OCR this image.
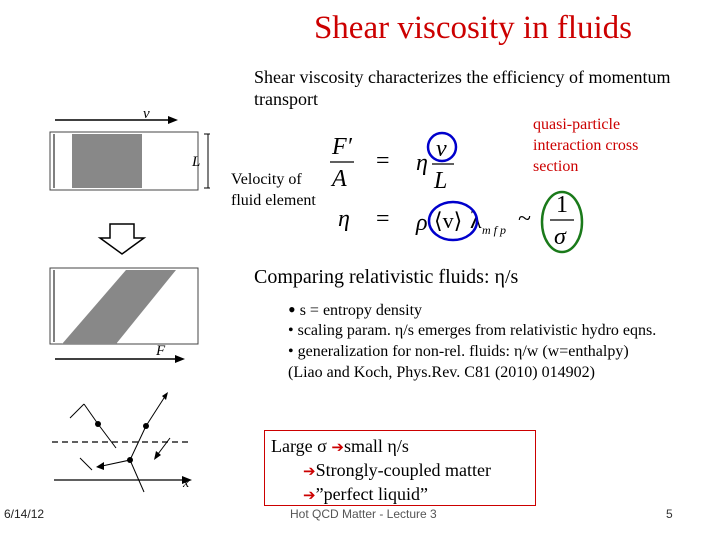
Shear viscosity in fluids
Shear viscosity characterizes the efficiency of momentum transport
v
L
F
x
Velocity of fluid element
quasi-particle interaction cross section
F′
A
= η
v
L
η = ρ ⟨v⟩ λ m f p ~
1
σ
Comparing relativistic fluids: η/s
• s = entropy density
• scaling param. η/s emerges from relativistic hydro eqns.
• generalization for non-rel. fluids: η/w (w=enthalpy)
(Liao and Koch, Phys.Rev. C81 (2010) 014902)
Large σ ➔small η/s
➔Strongly-coupled matter
➔”perfect liquid”
6/14/12	Hot QCD Matter - Lecture 3	5
